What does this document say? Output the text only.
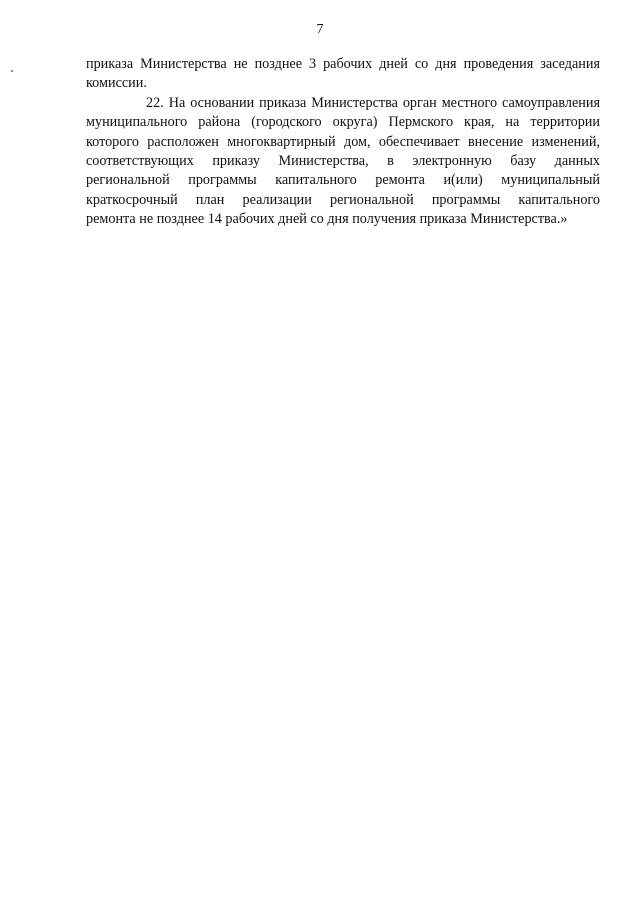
7

приказа Министерства не позднее 3 рабочих дней со дня проведения заседания
комиссии.

22. На основании приказа Министерства орган местного самоуправления
муниципального района (городского округа) Пермского края, на территории
которого расположен многоквартирный дом, обеспечивает внесение изменений,
соответствующих приказу Министерства, в электронную базу данных
региональной программы капитального ремонта и(или) муниципальный
краткосрочный план реализации региональной программы капитального
ремонта не позднее 14 рабочих дней со дня получения приказа Министерства.»
